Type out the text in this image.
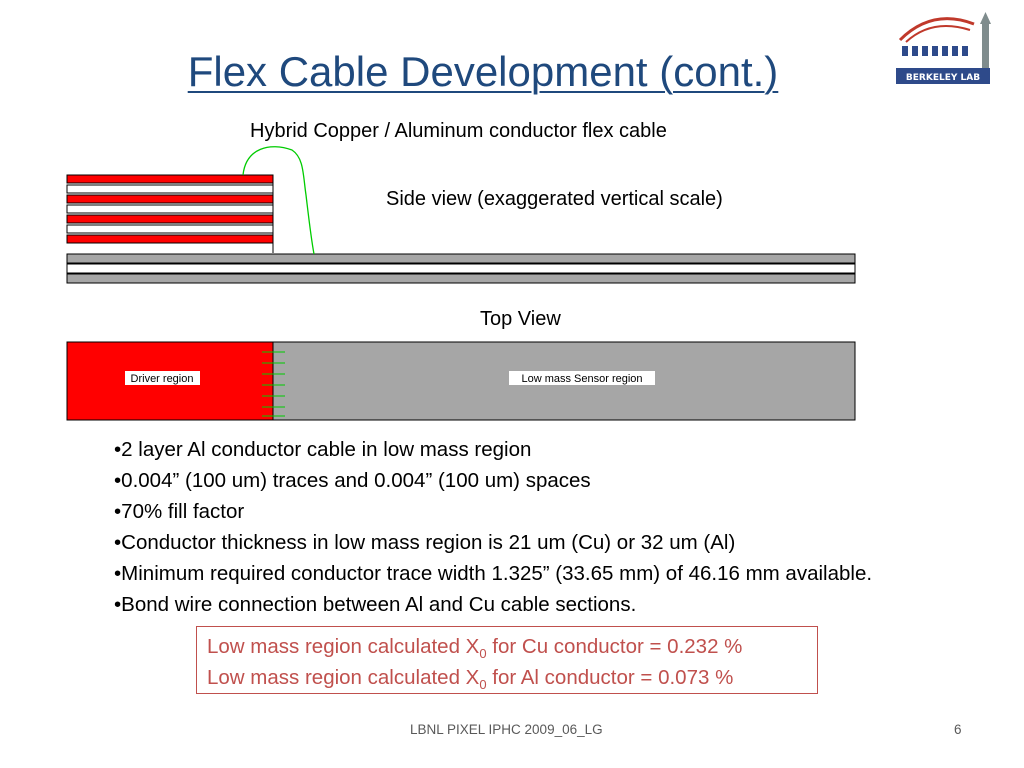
Flex Cable Development (cont.)	BERKELEY LAB
Hybrid Copper / Aluminum conductor flex cable
Side view (exaggerated vertical scale)
Top View
Driver region	Low mass Sensor region
•2 layer Al conductor cable in low mass region
•0.004” (100 um) traces and 0.004” (100 um) spaces
•70% fill factor
•Conductor thickness in low mass region is 21 um (Cu) or 32 um (Al)
•Minimum required conductor trace width 1.325” (33.65 mm) of 46.16 mm available.
•Bond wire connection between Al and Cu cable sections.
Low mass region calculated $X_0$ for Cu conductor = 0.232 %
Low mass region calculated $X_0$ for Al conductor = 0.073 %
LBNL PIXEL IPHC 2009_06_LG	6
